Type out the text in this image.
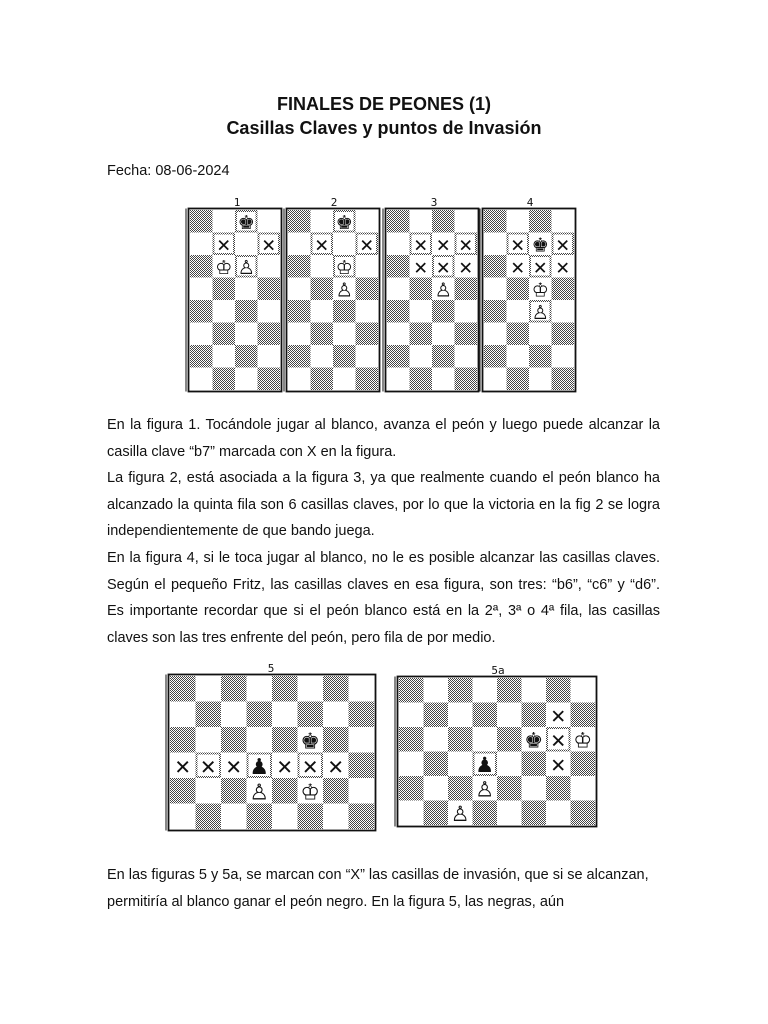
FINALES DE PEONES (1)
Casillas Claves y puntos de Invasión
Fecha: 08-06-2024
1
♚
✕ ✕
♔ ♙
2
♚
✕ ✕
♔
♙
3
✕ ✕ ✕
✕ ✕ ✕
♙
4
✕ ♚ ✕
✕ ✕ ✕
♔
♙
5
♚
✕ ✕ ✕ ♟ ✕ ✕ ✕
♙ ♔
5a
✕
♚ ✕ ♔
♟	✕
♙
♙

En la figura 1. Tocándole jugar al blanco, avanza el peón y luego puede alcanzar la casilla clave “b7” marcada con X en la figura.

La figura 2, está asociada a la figura 3, ya que realmente cuando el peón blanco ha alcanzado la quinta fila son 6 casillas claves, por lo que la victoria en la fig 2 se logra independientemente de que bando juega.

En la figura 4, si le toca jugar al blanco, no le es posible alcanzar las casillas claves. Según el pequeño Fritz, las casillas claves en esa figura, son tres: “b6”, “c6” y “d6”. Es importante recordar que si el peón blanco está en la 2ª, 3ª o 4ª fila, las casillas claves son las tres enfrente del peón, pero fila de por medio.

En las figuras 5 y 5a, se marcan con “X” las casillas de invasión, que si se alcanzan, permitiría al blanco ganar el peón negro. En la figura 5, las negras, aún
